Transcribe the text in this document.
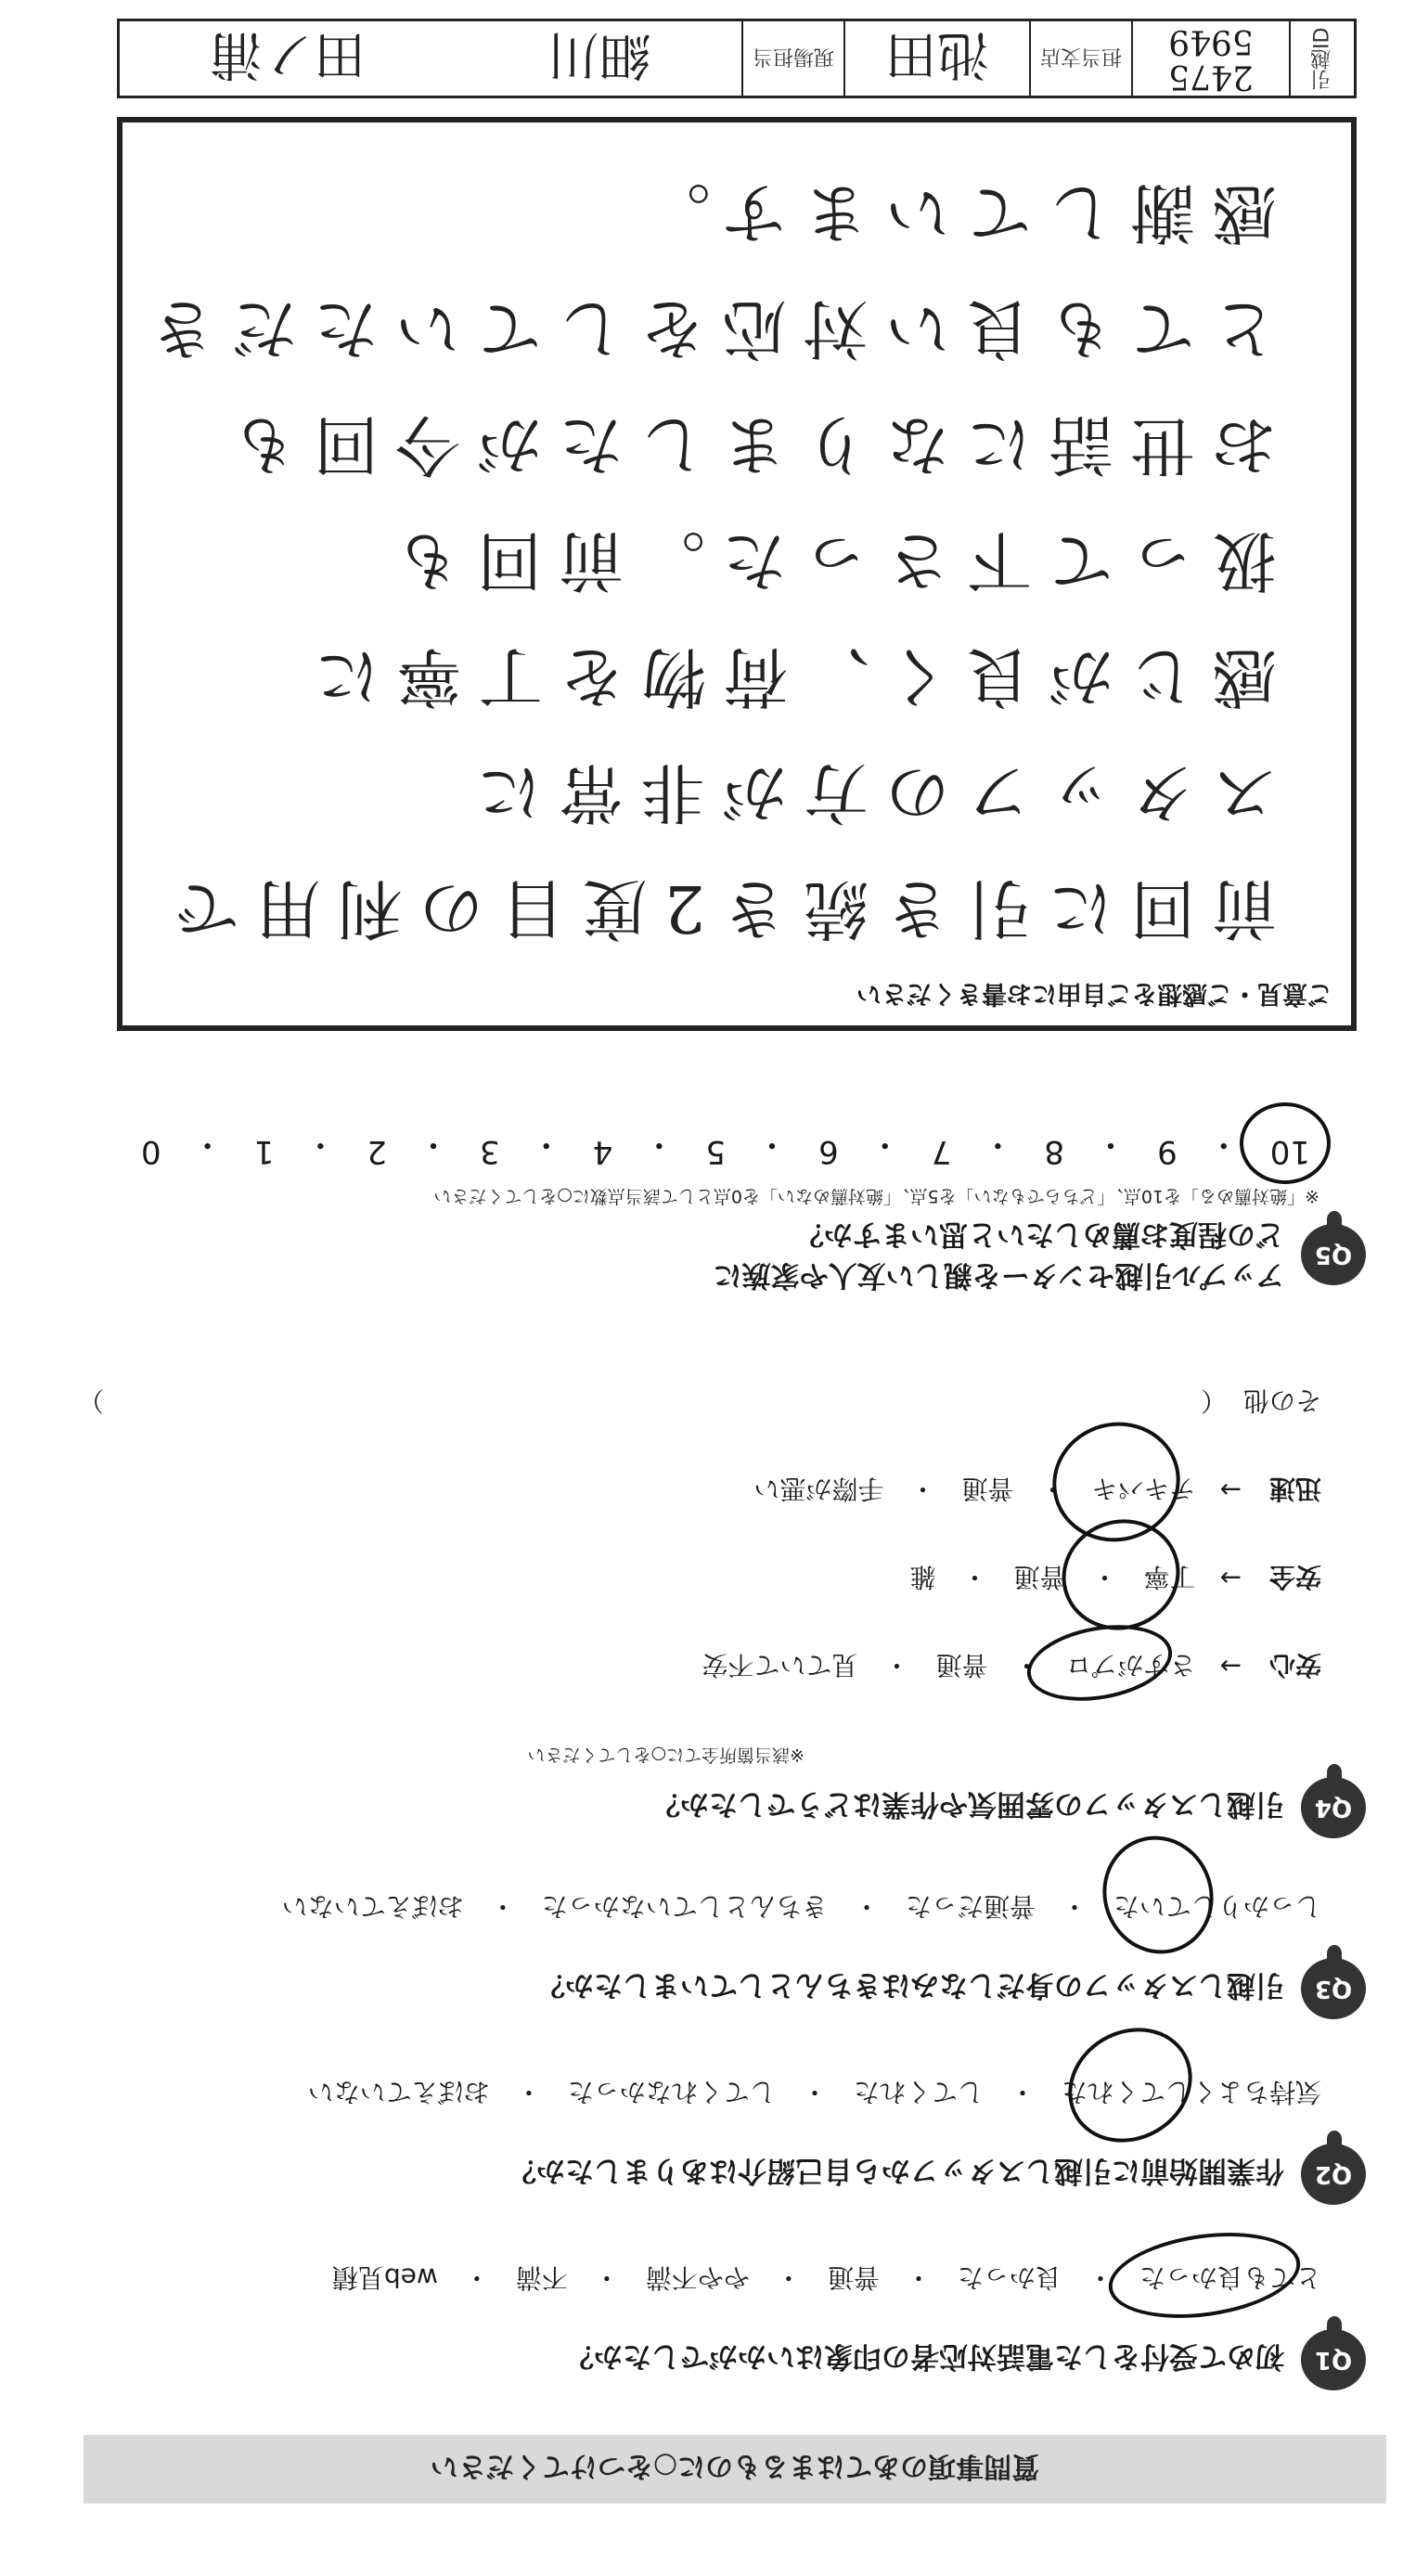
引越ID
2475 5949
担当支店
池田
現場担当
細川
田ノ浦
ご意見・ご感想をご自由にお書きください
前回に引き続き2度目の利用で
スタッフの方が非常に
感じが良く、荷物を丁寧に
扱って下さった。前回も
お世話になりましたが今回も
とても良い対応をしていただき
感謝しています。
質問事項のあてはまるものに○をつけてください
Q1
初めて受付をした電話対応者の印象はいかがでしたか？
とても良かった
・
良かった
・
普通
・
やや不満
・
不満
・
web見積
Q2
作業開始前に引越しスタッフから自己紹介はありましたか？
気持ちよくしてくれた
・
してくれた
・
してくれなかった
・
おぼえていない
Q3
引越しスタッフの身だしなみはきちんとしていましたか？
しっかりしていた
・
普通だった
・
きちんとしていなかった
・
おぼえていない
Q4
引越しスタッフの雰囲気や作業はどうでしたか？
※該当箇所全てに○をしてください
安心
→
さすがプロ
・
普通
・
見ていて不安
安全
→
丁寧
・
普通
・
雑
迅速
→
テキパキ
・
普通
・
手際が悪い
その他  （
）
Q5
アップル引越センターを親しい友人や家族に
どの程度お薦めしたいと思いますか？
※「絶対薦める」を10点、「どちらでもない」を5点、「絶対薦めない」を0点として該当点数に○をしてください
10
・
9
・
8
・
7
・
6
・
5
・
4
・
3
・
2
・
1
・
0
